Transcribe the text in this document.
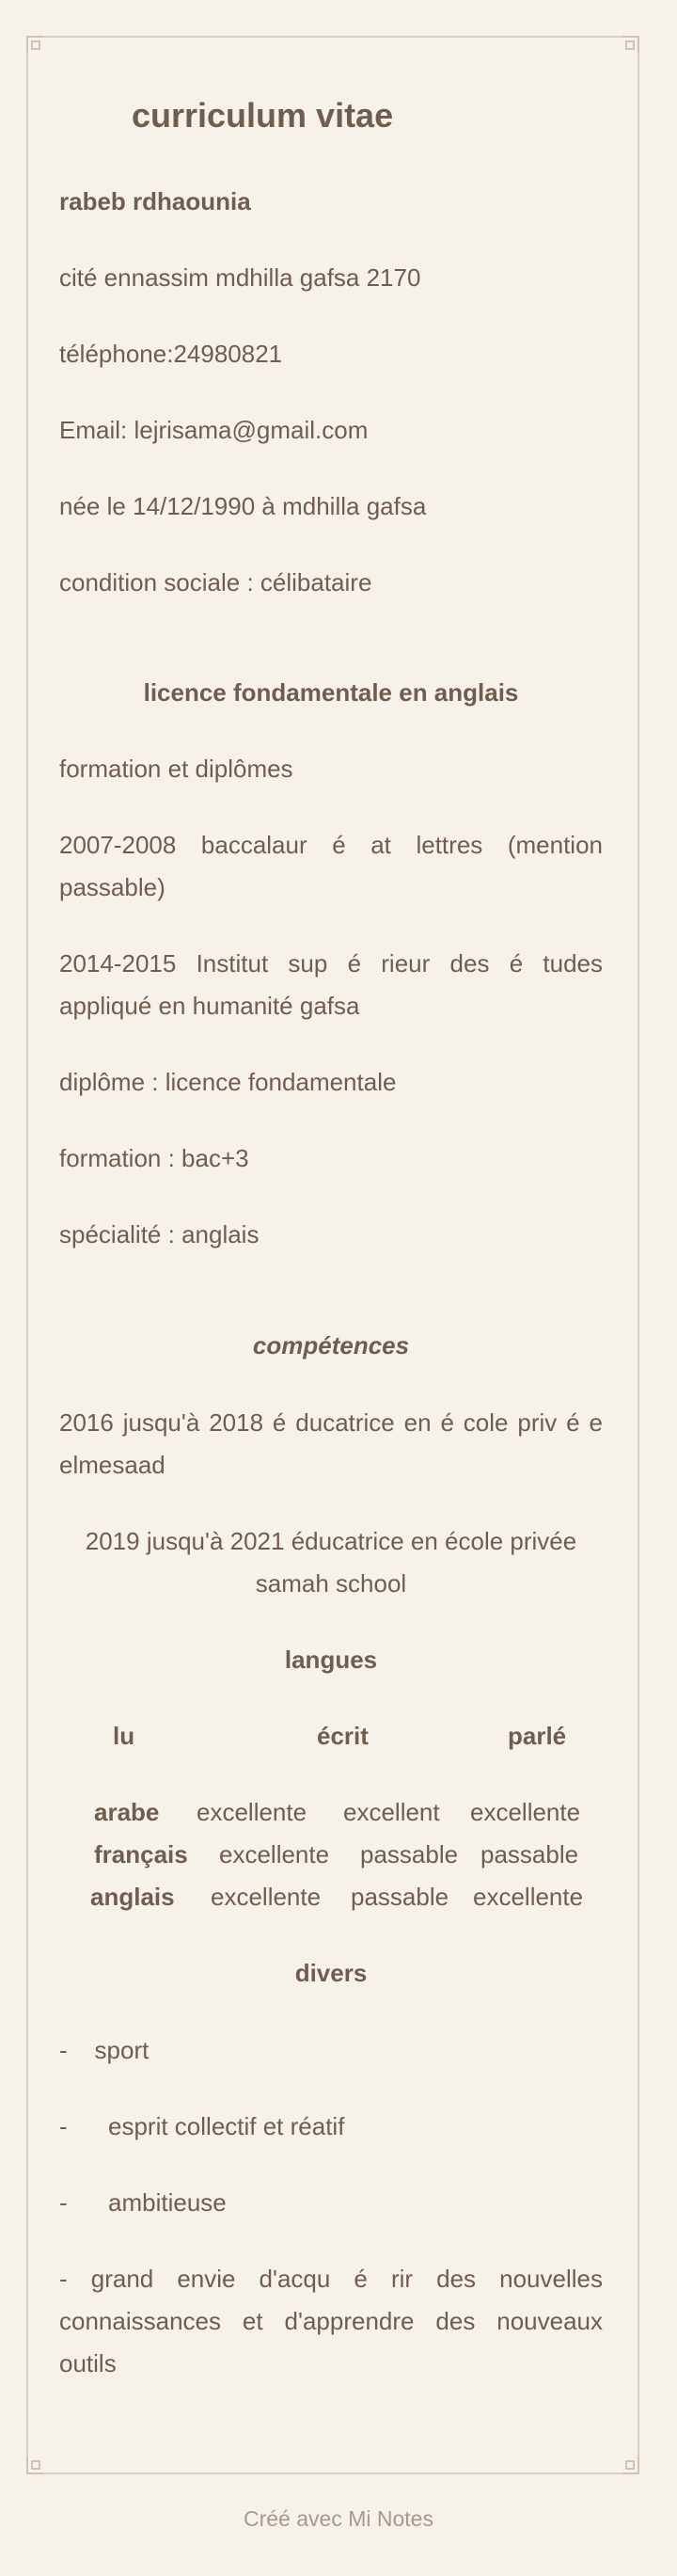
curriculum vitae
rabeb rdhaounia
cité ennassim mdhilla gafsa 2170
téléphone:24980821
Email: lejrisama@gmail.com
née le 14/12/1990 à mdhilla gafsa
condition sociale : célibataire
licence fondamentale en anglais
formation et diplômes
2007-2008 baccalaur é at lettres (mention passable)
2014-2015 Institut sup é rieur des é tudes appliqué en humanité gafsa
diplôme : licence fondamentale
formation : bac+3
spécialité : anglais
compétences
2016 jusqu'à 2018 é ducatrice en é cole priv é e elmesaad
2019 jusqu'à 2021 éducatrice en école privée samah school
langues
lu	écrit	parlé
arabe excellente excellent excellente
français excellente passable passable
anglais excellente passable excellente
divers
-    sport
-      esprit collectif et réatif
-      ambitieuse
- grand envie d'acqu é rir des nouvelles connaissances et d'apprendre des nouveaux outils
Créé avec Mi Notes
